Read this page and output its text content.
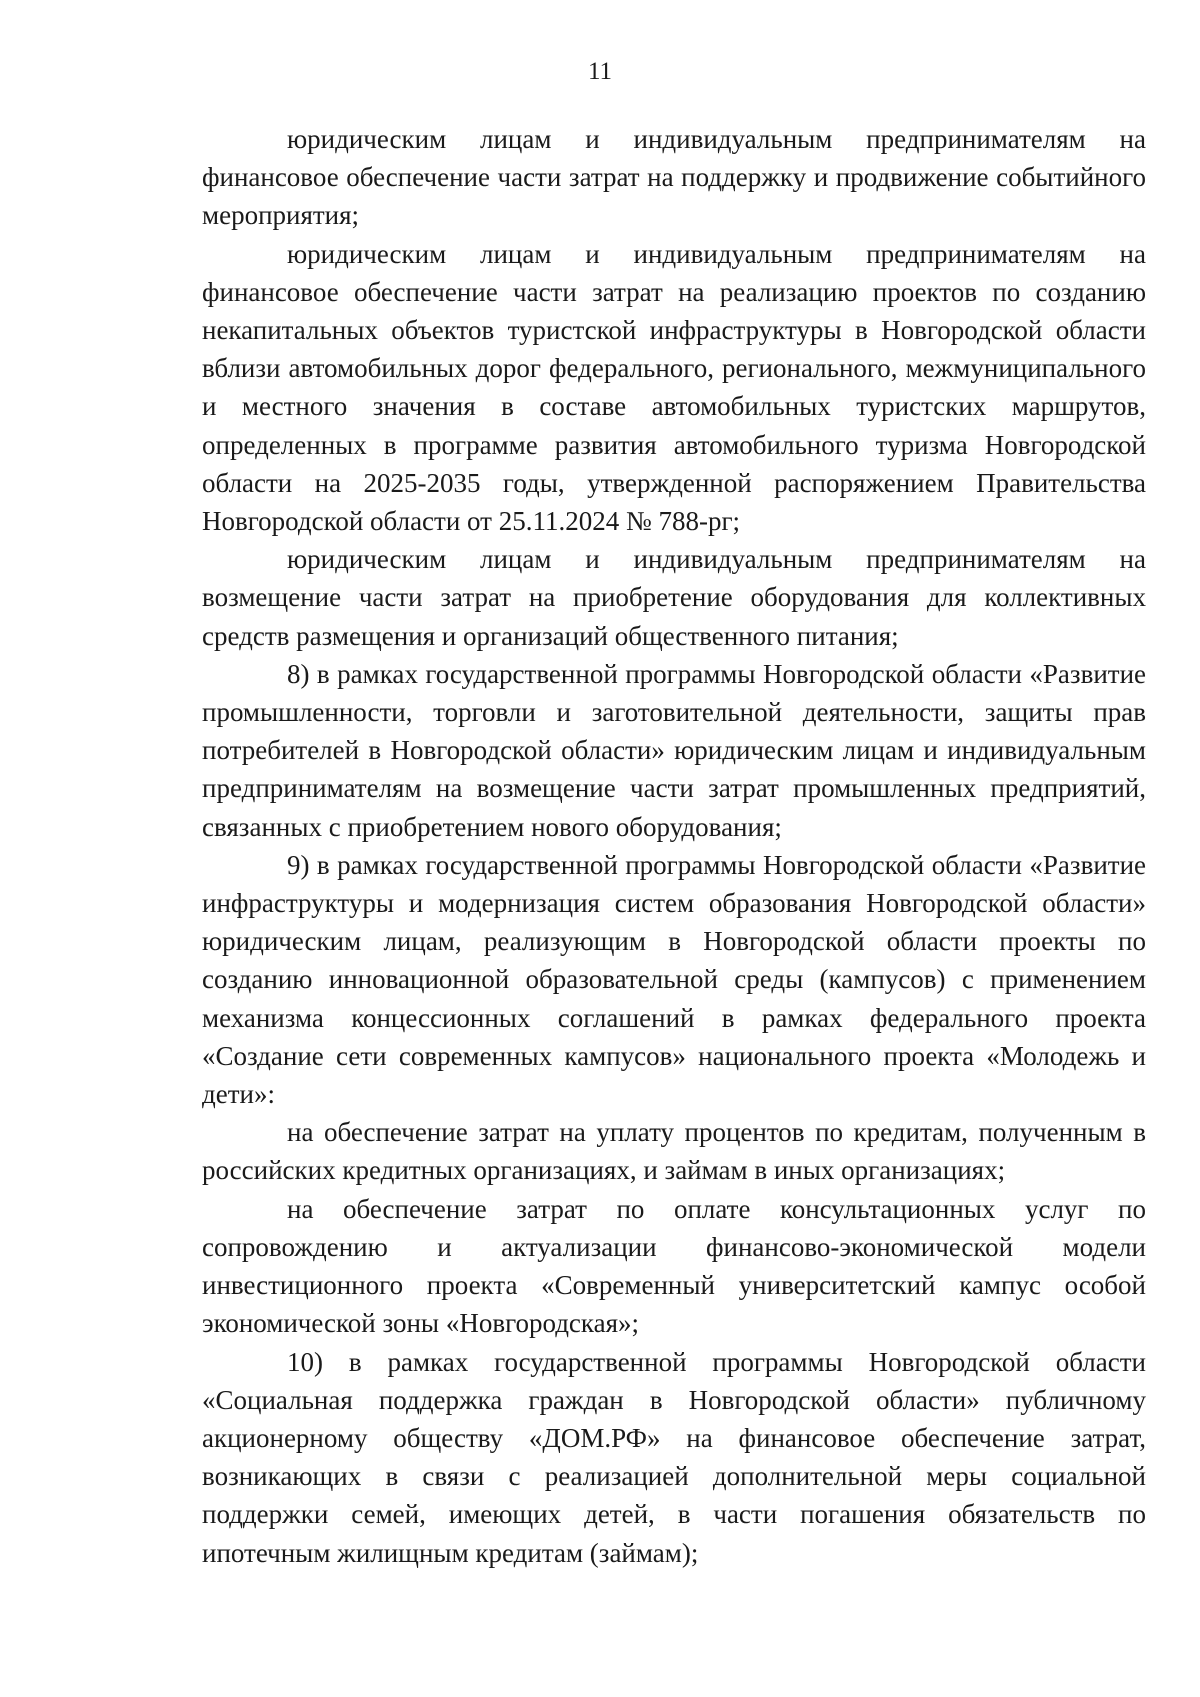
11

юридическим лицам и индивидуальным предпринимателям на финансовое обеспечение части затрат на поддержку и продвижение событийного мероприятия;

юридическим лицам и индивидуальным предпринимателям на финансовое обеспечение части затрат на реализацию проектов по созданию некапитальных объектов туристской инфраструктуры в Новгородской области вблизи автомобильных дорог федерального, регионального, межмуниципального и местного значения в составе автомобильных туристских маршрутов, определенных в программе развития автомобильного туризма Новгородской области на 2025-2035 годы, утвержденной распоряжением Правительства Новгородской области от 25.11.2024 № 788-рг;

юридическим лицам и индивидуальным предпринимателям на возмещение части затрат на приобретение оборудования для коллективных средств размещения и организаций общественного питания;

8) в рамках государственной программы Новгородской области «Развитие промышленности, торговли и заготовительной деятельности, защиты прав потребителей в Новгородской области» юридическим лицам и индивидуальным предпринимателям на возмещение части затрат промышленных предприятий, связанных с приобретением нового оборудования;

9) в рамках государственной программы Новгородской области «Развитие инфраструктуры и модернизация систем образования Новгородской области» юридическим лицам, реализующим в Новгородской области проекты по созданию инновационной образовательной среды (кампусов) с применением механизма концессионных соглашений в рамках федерального проекта «Создание сети современных кампусов» национального проекта «Молодежь и дети»:

на обеспечение затрат на уплату процентов по кредитам, полученным в российских кредитных организациях, и займам в иных организациях;

на обеспечение затрат по оплате консультационных услуг по сопровождению и актуализации финансово-экономической модели инвестиционного проекта «Современный университетский кампус особой экономической зоны «Новгородская»;

10) в рамках государственной программы Новгородской области «Социальная поддержка граждан в Новгородской области» публичному акционерному обществу «ДОМ.РФ» на финансовое обеспечение затрат, возникающих в связи с реализацией дополнительной меры социальной поддержки семей, имеющих детей, в части погашения обязательств по ипотечным жилищным кредитам (займам);
